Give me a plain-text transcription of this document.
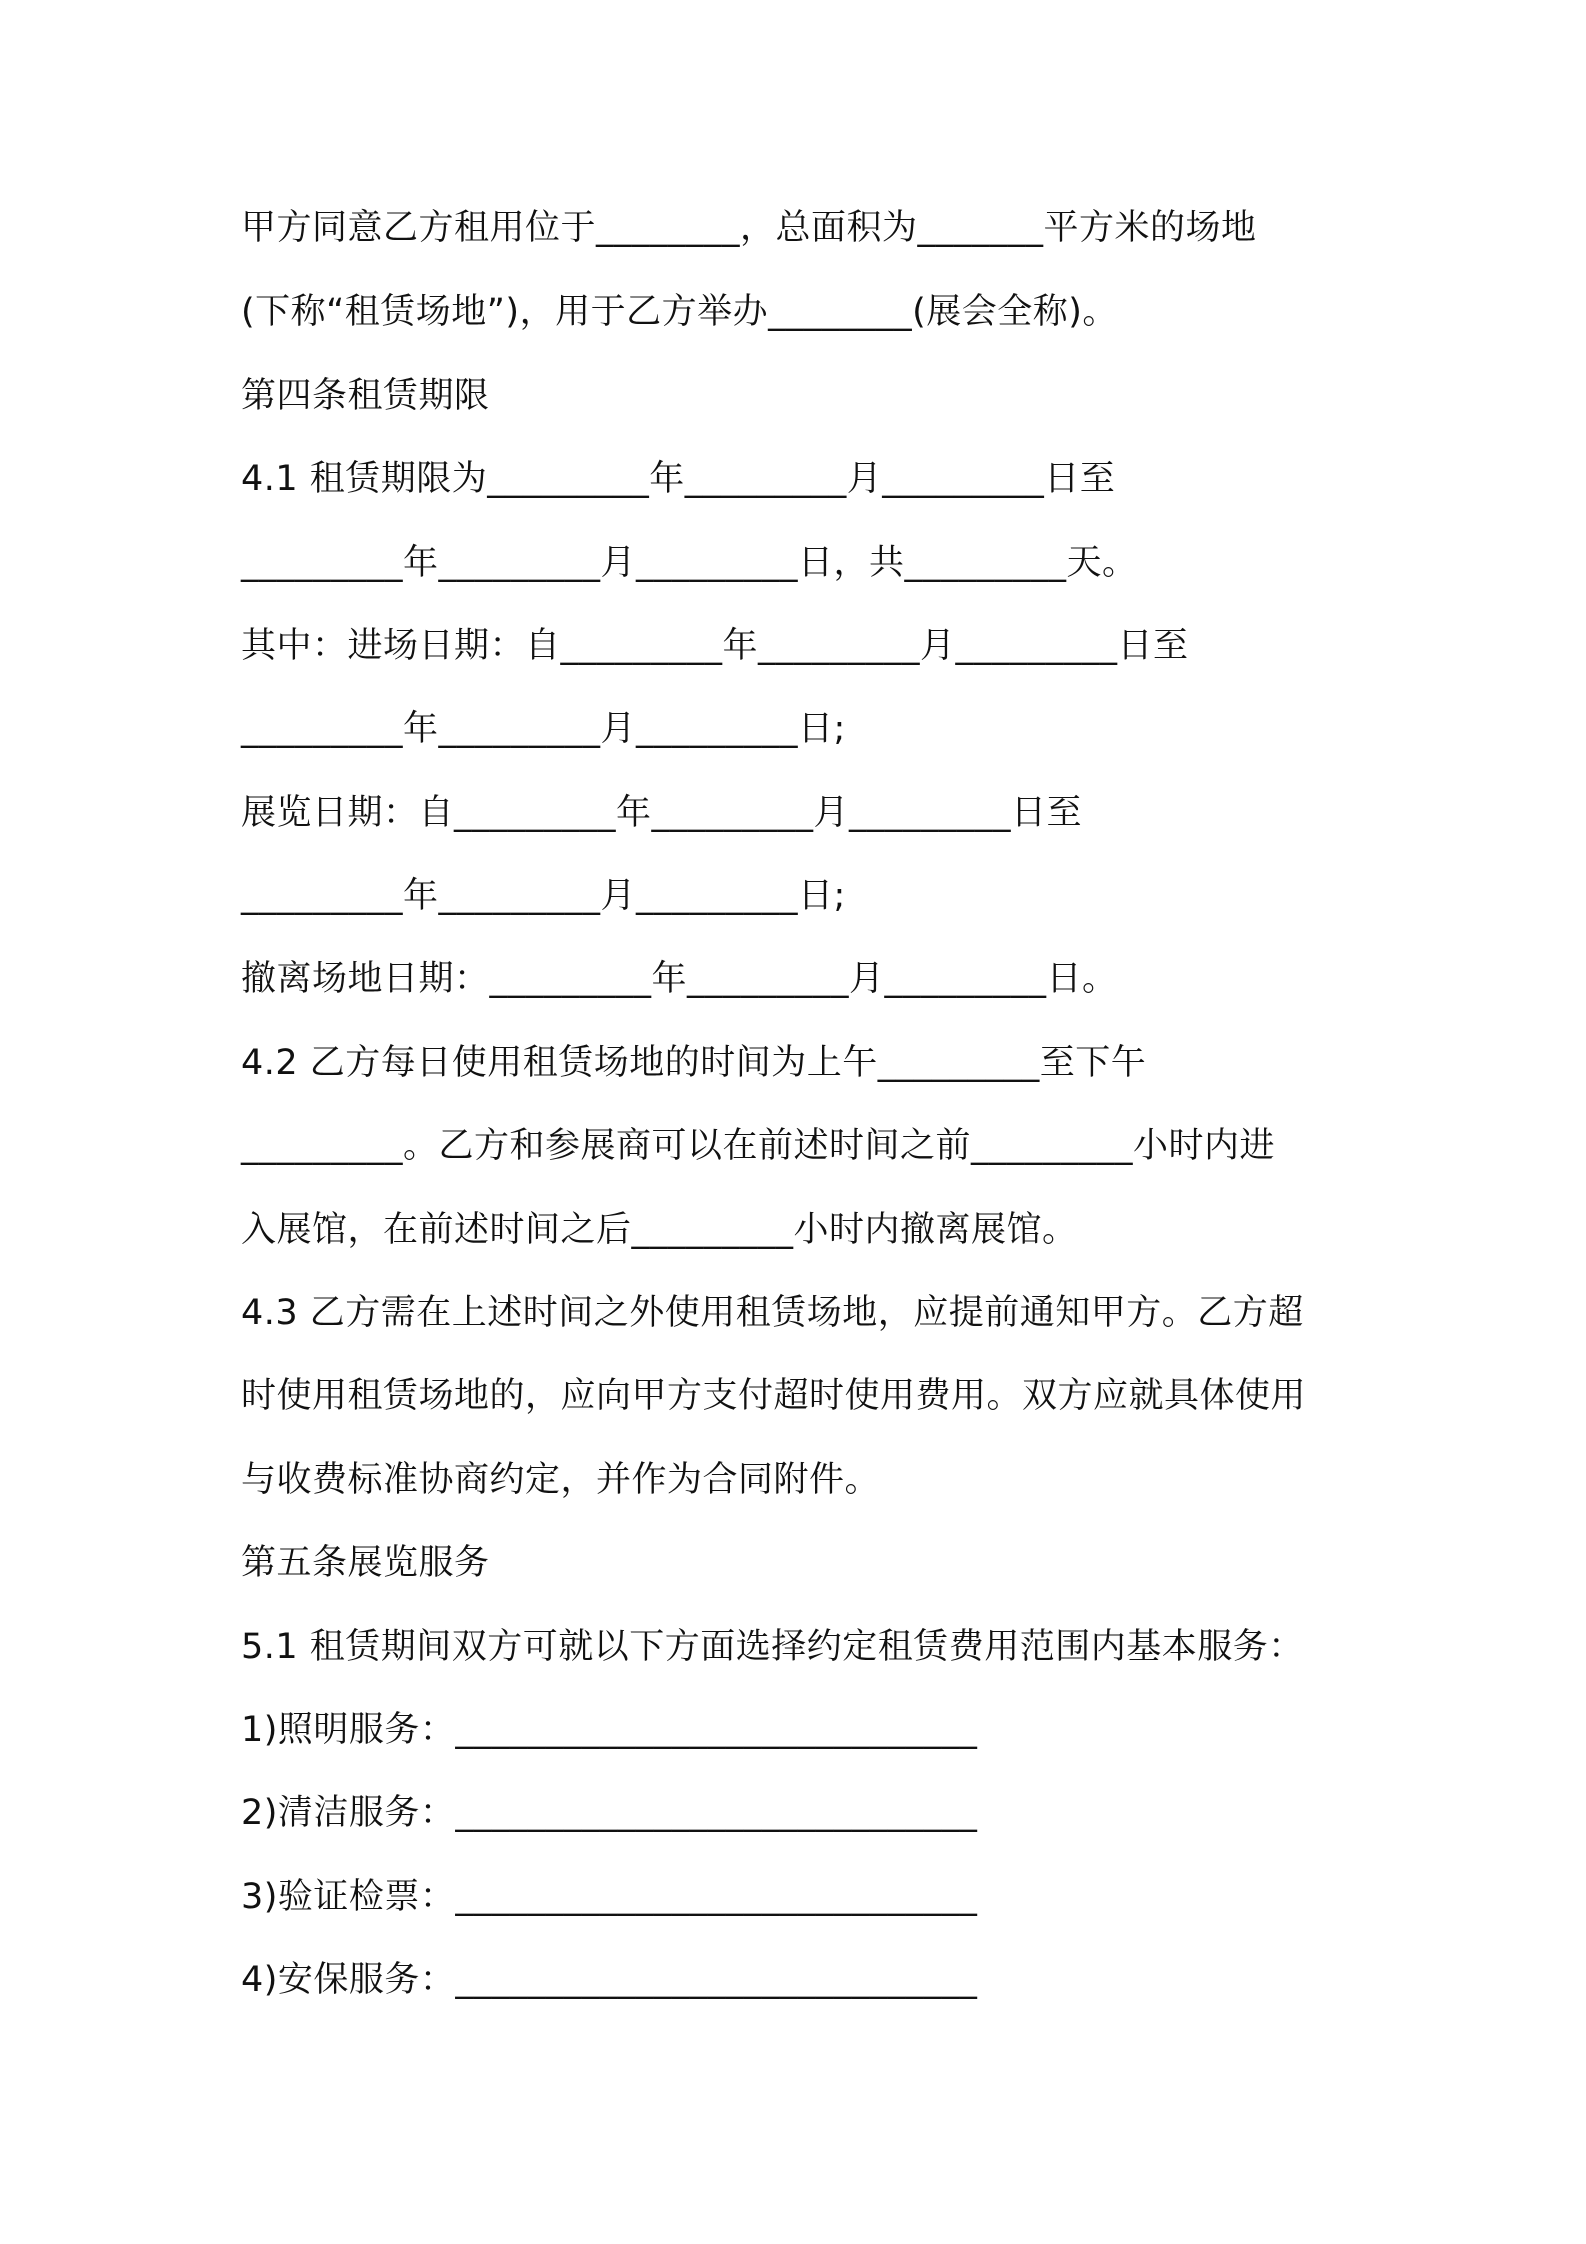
甲方同意乙方租用位于________，总面积为_______平方米的场地
(下称“租赁场地”)，用于乙方举办________(展会全称)。
第四条租赁期限
4.1 租赁期限为_________年_________月_________日至
_________年_________月_________日，共_________天。
其中：进场日期：自_________年_________月_________日至
_________年_________月_________日;
展览日期：自_________年_________月_________日至
_________年_________月_________日;
撤离场地日期：_________年_________月_________日。
4.2 乙方每日使用租赁场地的时间为上午_________至下午
_________。乙方和参展商可以在前述时间之前_________小时内进
入展馆，在前述时间之后_________小时内撤离展馆。
4.3 乙方需在上述时间之外使用租赁场地，应提前通知甲方。乙方超
时使用租赁场地的，应向甲方支付超时使用费用。双方应就具体使用
与收费标准协商约定，并作为合同附件。
第五条展览服务
5.1 租赁期间双方可就以下方面选择约定租赁费用范围内基本服务：
1)照明服务：_____________________________
2)清洁服务：_____________________________
3)验证检票：_____________________________
4)安保服务：_____________________________
